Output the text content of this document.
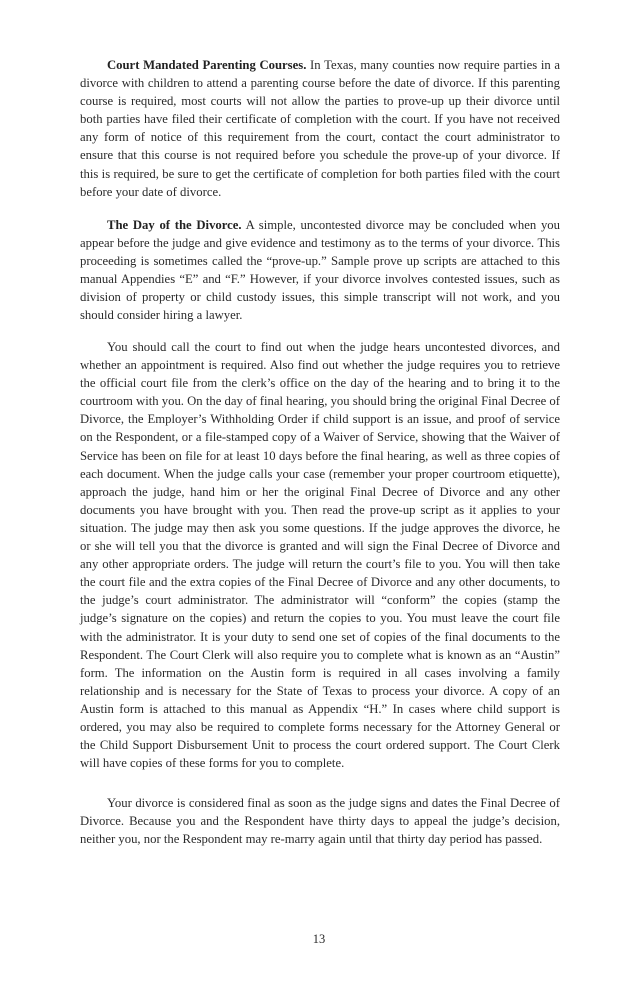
Court Mandated Parenting Courses. In Texas, many counties now require parties in a divorce with children to attend a parenting course before the date of divorce. If this parenting course is required, most courts will not allow the parties to prove-up up their divorce until both parties have filed their certificate of completion with the court. If you have not received any form of notice of this requirement from the court, contact the court administrator to ensure that this course is not required before you schedule the prove-up of your divorce. If this is required, be sure to get the certificate of completion for both parties filed with the court before your date of divorce.

The Day of the Divorce. A simple, uncontested divorce may be concluded when you appear before the judge and give evidence and testimony as to the terms of your divorce. This proceeding is sometimes called the “prove-up.” Sample prove up scripts are attached to this manual Appendies “E” and “F.” However, if your divorce involves contested issues, such as division of property or child custody issues, this simple transcript will not work, and you should consider hiring a lawyer.

You should call the court to find out when the judge hears uncontested divorces, and whether an appointment is required. Also find out whether the judge requires you to retrieve the official court file from the clerk’s office on the day of the hearing and to bring it to the courtroom with you. On the day of final hearing, you should bring the original Final Decree of Divorce, the Employer’s Withholding Order if child support is an issue, and proof of service on the Respondent, or a file-stamped copy of a Waiver of Service, showing that the Waiver of Service has been on file for at least 10 days before the final hearing, as well as three copies of each document. When the judge calls your case (remember your proper courtroom etiquette), approach the judge, hand him or her the original Final Decree of Divorce and any other documents you have brought with you. Then read the prove-up script as it applies to your situation. The judge may then ask you some questions. If the judge approves the divorce, he or she will tell you that the divorce is granted and will sign the Final Decree of Divorce and any other appropriate orders. The judge will return the court’s file to you. You will then take the court file and the extra copies of the Final Decree of Divorce and any other documents, to the judge’s court administrator. The administrator will “conform” the copies (stamp the judge’s signature on the copies) and return the copies to you. You must leave the court file with the administrator. It is your duty to send one set of copies of the final documents to the Respondent. The Court Clerk will also require you to complete what is known as an “Austin” form. The information on the Austin form is required in all cases involving a family relationship and is necessary for the State of Texas to process your divorce. A copy of an Austin form is attached to this manual as Appendix “H.” In cases where child support is ordered, you may also be required to complete forms necessary for the Attorney General or the Child Support Disbursement Unit to process the court ordered support. The Court Clerk will have copies of these forms for you to complete.

Your divorce is considered final as soon as the judge signs and dates the Final Decree of Divorce. Because you and the Respondent have thirty days to appeal the judge’s decision, neither you, nor the Respondent may re-marry again until that thirty day period has passed.

13
